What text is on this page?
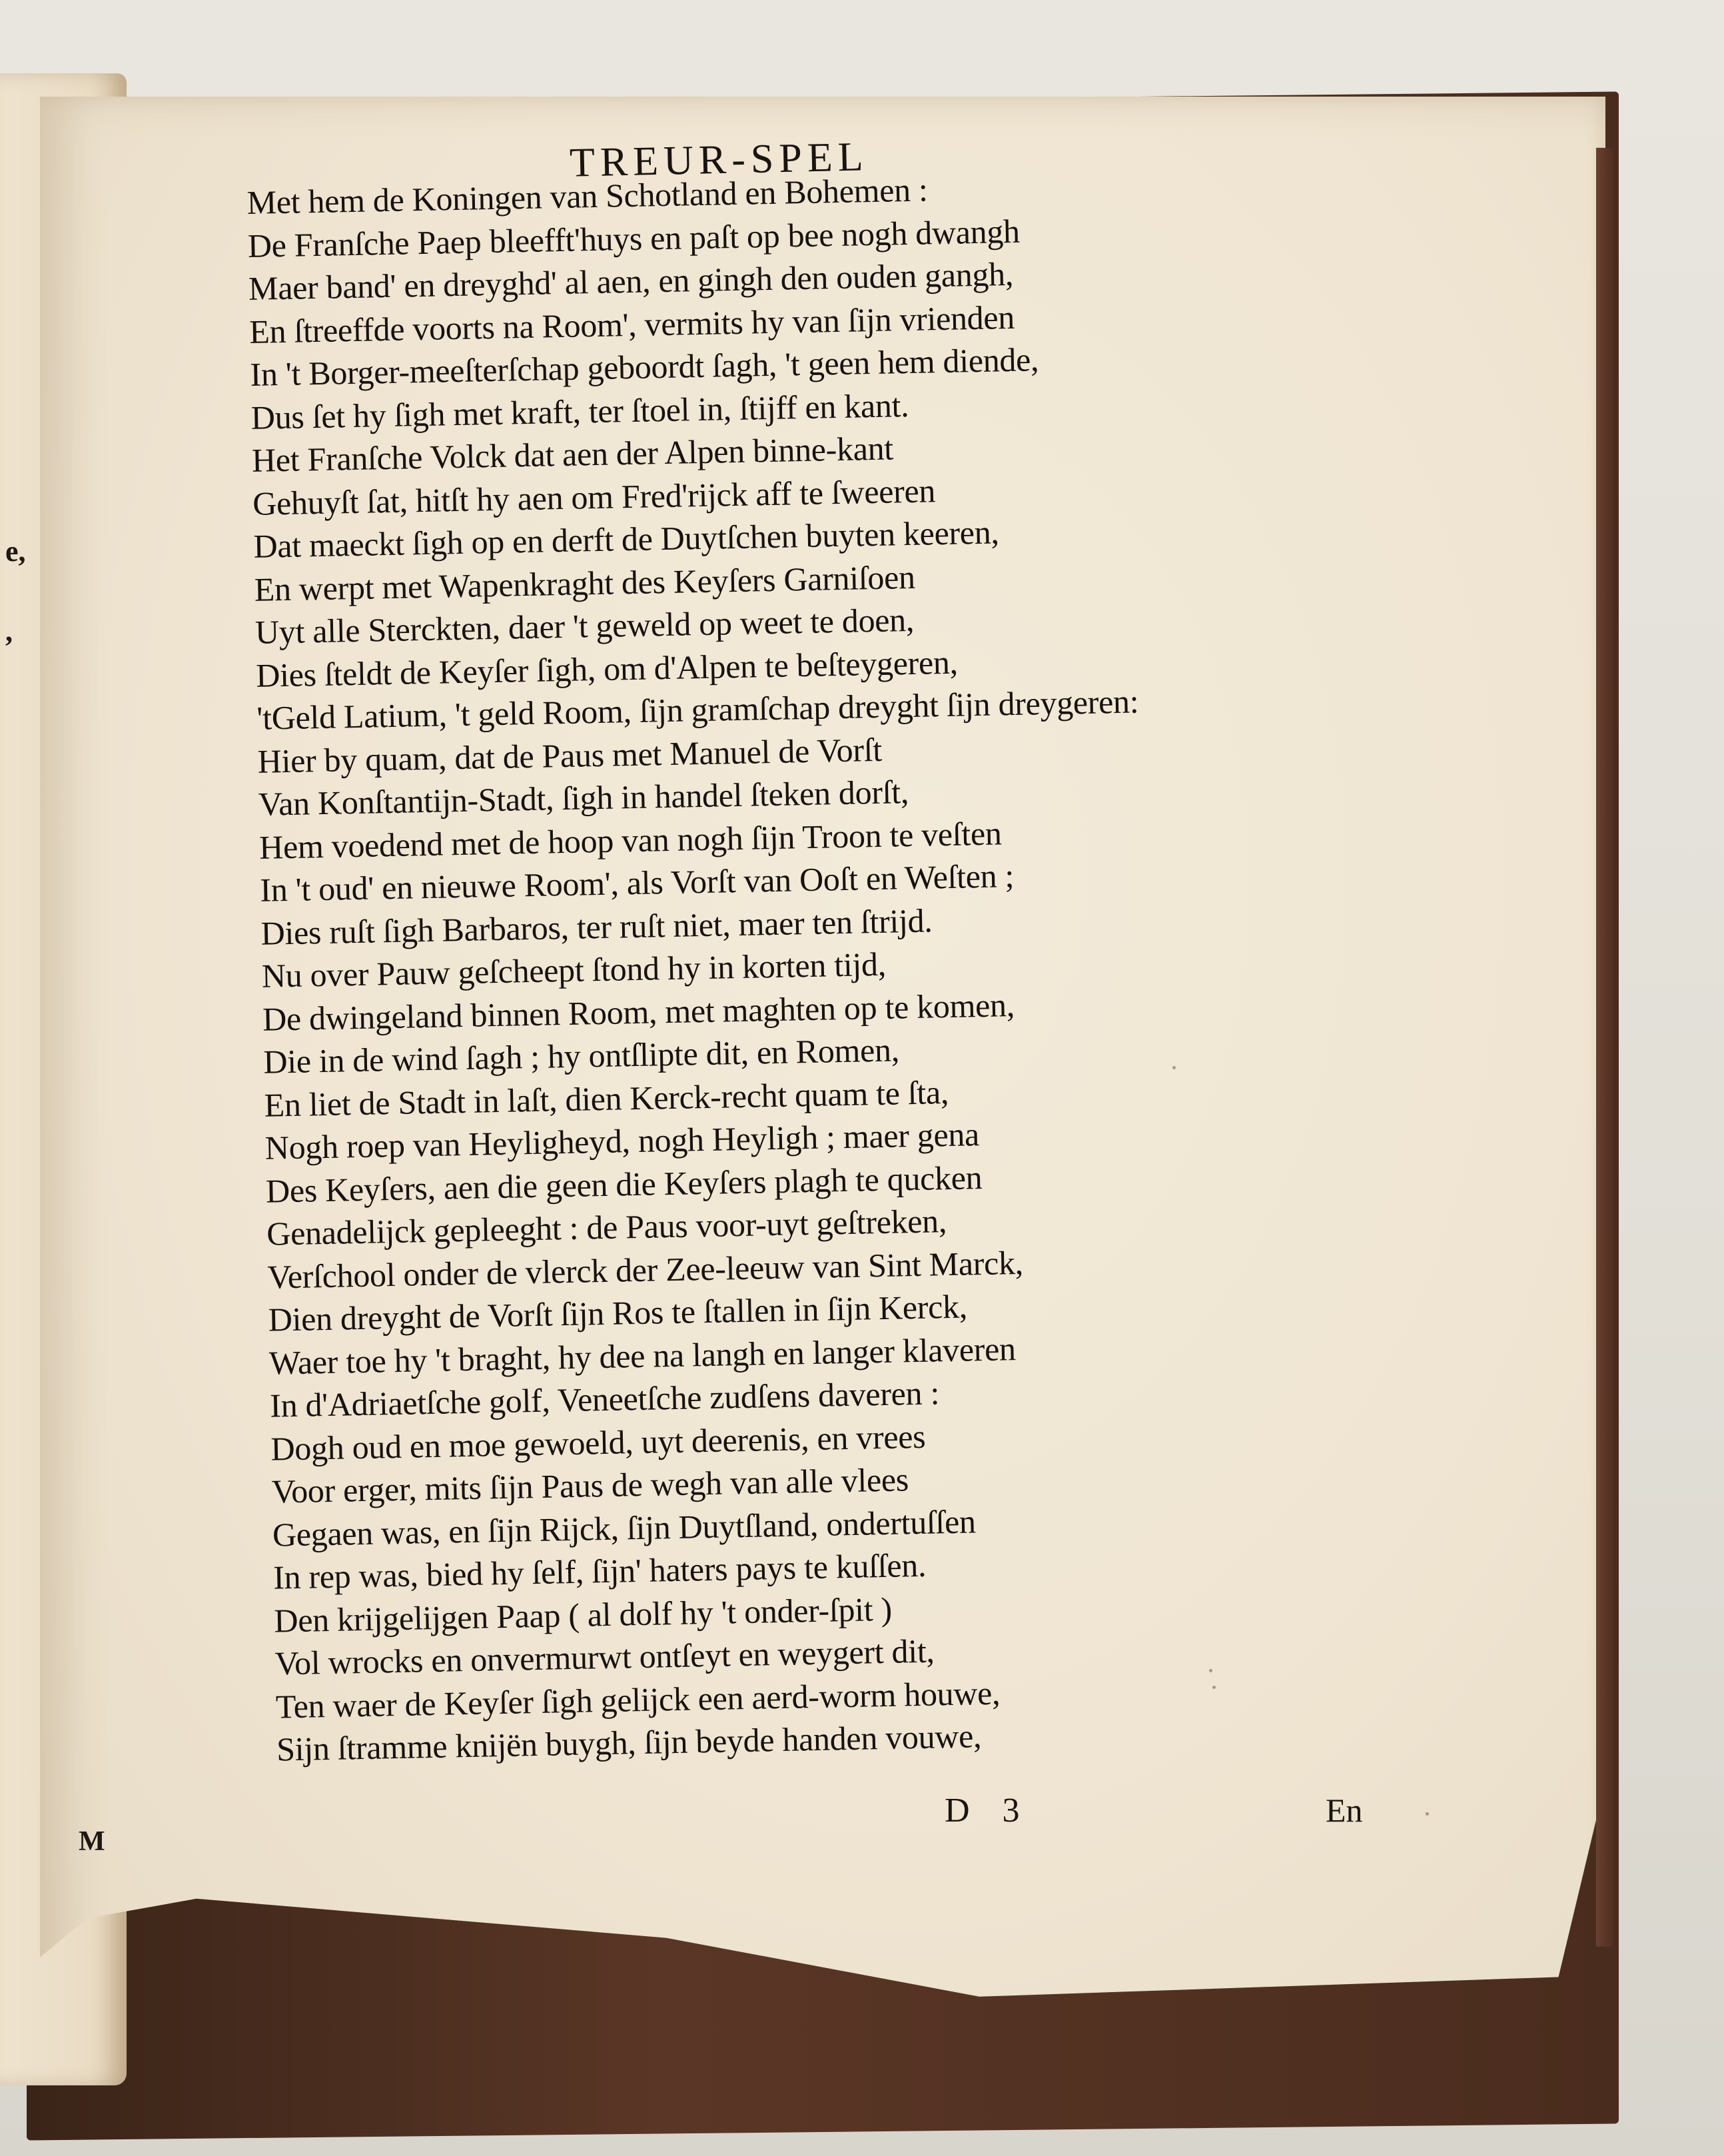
e,
,
M
TREUR-SPEL
Met hem de Koningen van Schotland en Bohemen :
De Franſche Paep bleefft'huys en paſt op bee nogh dwangh
Maer band' en dreyghd' al aen, en gingh den ouden gangh,
En ſtreeffde voorts na Room', vermits hy van ſijn vrienden
In 't Borger-meeſterſchap geboordt ſagh, 't geen hem diende,
Dus ſet hy ſigh met kraft, ter ſtoel in, ſtijff en kant.
Het Franſche Volck dat aen der Alpen binne-kant
Gehuyſt ſat, hitſt hy aen om Fred'rijck aff te ſweeren
Dat maeckt ſigh op en derft de Duytſchen buyten keeren,
En werpt met Wapenkraght des Keyſers Garniſoen
Uyt alle Sterckten, daer 't geweld op weet te doen,
Dies ſteldt de Keyſer ſigh, om d'Alpen te beſteygeren,
'tGeld Latium, 't geld Room, ſijn gramſchap dreyght ſijn dreygeren:
Hier by quam, dat de Paus met Manuel de Vorſt
Van Konſtantijn-Stadt, ſigh in handel ſteken dorſt,
Hem voedend met de hoop van nogh ſijn Troon te veſten
In 't oud' en nieuwe Room', als Vorſt van Ooſt en Weſten ;
Dies ruſt ſigh Barbaros, ter ruſt niet, maer ten ſtrijd.
Nu over Pauw geſcheept ſtond hy in korten tijd,
De dwingeland binnen Room, met maghten op te komen,
Die in de wind ſagh ; hy ontſlipte dit, en Romen,
En liet de Stadt in laſt, dien Kerck-recht quam te ſta,
Nogh roep van Heyligheyd, nogh Heyligh ; maer gena
Des Keyſers, aen die geen die Keyſers plagh te qucken
Genadelijck gepleeght : de Paus voor-uyt geſtreken,
Verſchool onder de vlerck der Zee-leeuw van Sint Marck,
Dien dreyght de Vorſt ſijn Ros te ſtallen in ſijn Kerck,
Waer toe hy 't braght, hy dee na langh en langer klaveren
In d'Adriaetſche golf, Veneetſche zudſens daveren :
Dogh oud en moe gewoeld, uyt deerenis, en vrees
Voor erger, mits ſijn Paus de wegh van alle vlees
Gegaen was, en ſijn Rijck, ſijn Duytſland, ondertuſſen
In rep was, bied hy ſelf, ſijn' haters pays te kuſſen.
Den krijgelijgen Paap ( al dolf hy 't onder-ſpit )
Vol wrocks en onvermurwt ontſeyt en weygert dit,
Ten waer de Keyſer ſigh gelijck een aerd-worm houwe,
Sijn ſtramme knijën buygh, ſijn beyde handen vouwe,
D 3	En
